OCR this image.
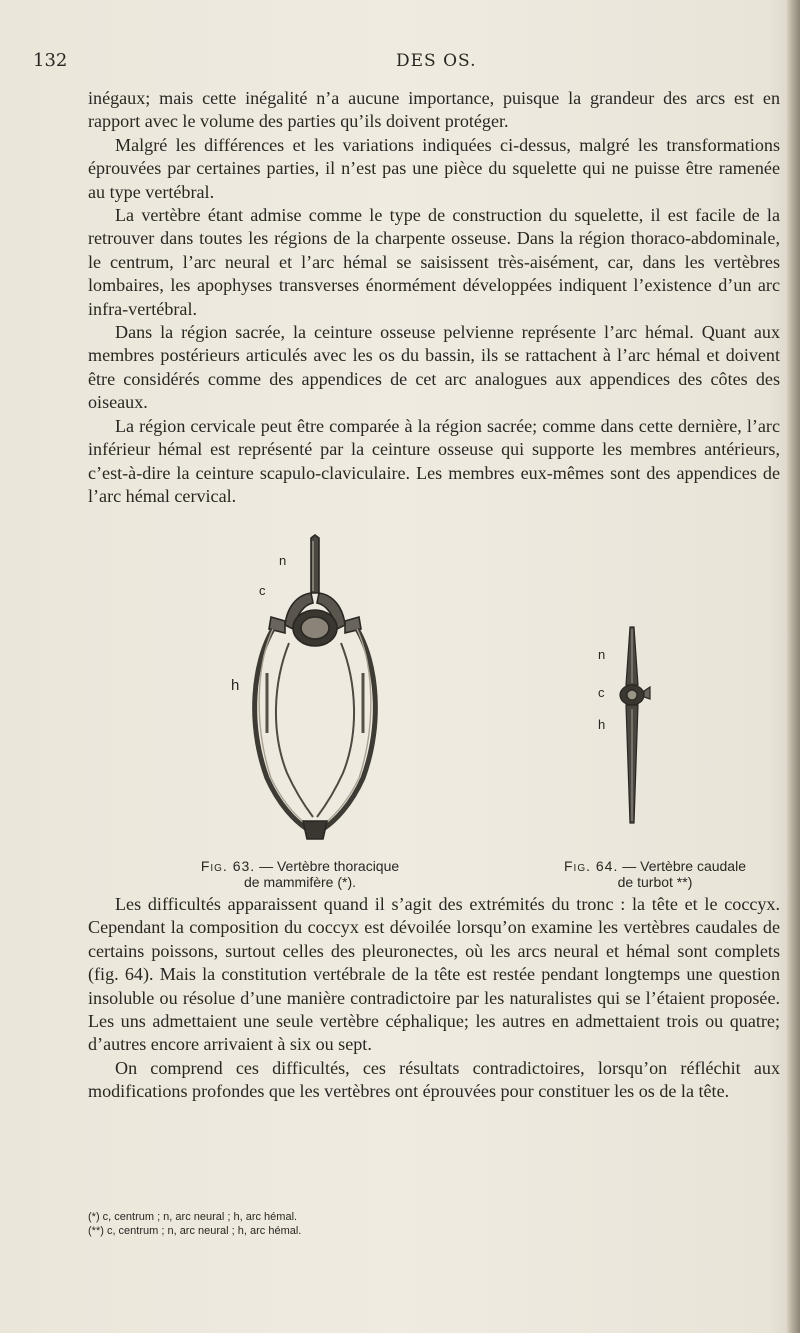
132	DES OS.

inégaux; mais cette inégalité n’a aucune importance, puisque la grandeur des arcs est en rapport avec le volume des parties qu’ils doivent protéger.

Malgré les différences et les variations indiquées ci-dessus, malgré les transformations éprouvées par certaines parties, il n’est pas une pièce du squelette qui ne puisse être ramenée au type vertébral.

La vertèbre étant admise comme le type de construction du squelette, il est facile de la retrouver dans toutes les régions de la charpente osseuse. Dans la région thoraco-abdominale, le centrum, l’arc neural et l’arc hémal se saisissent très-aisément, car, dans les vertèbres lombaires, les apophyses transverses énormément développées indiquent l’existence d’un arc infra-vertébral.

Dans la région sacrée, la ceinture osseuse pelvienne représente l’arc hémal. Quant aux membres postérieurs articulés avec les os du bassin, ils se rattachent à l’arc hémal et doivent être considérés comme des appendices de cet arc analogues aux appendices des côtes des oiseaux.

La région cervicale peut être comparée à la région sacrée; comme dans cette dernière, l’arc inférieur hémal est représenté par la ceinture osseuse qui supporte les membres antérieurs, c’est-à-dire la ceinture scapulo-claviculaire. Les membres eux-mêmes sont des appendices de l’arc hémal cervical.

n
c
h
Fig. 63. — Vertèbre thoracique
de mammifère (*).
n
c
h
Fig. 64. — Vertèbre caudale
de turbot **)

Les difficultés apparaissent quand il s’agit des extrémités du tronc : la tête et le coccyx. Cependant la composition du coccyx est dévoilée lorsqu’on examine les vertèbres caudales de certains poissons, surtout celles des pleuronectes, où les arcs neural et hémal sont complets (fig. 64). Mais la constitution vertébrale de la tête est restée pendant longtemps une question insoluble ou résolue d’une manière contradictoire par les naturalistes qui se l’étaient proposée. Les uns admettaient une seule vertèbre céphalique; les autres en admettaient trois ou quatre; d’autres encore arrivaient à six ou sept.

On comprend ces difficultés, ces résultats contradictoires, lorsqu’on réfléchit aux modifications profondes que les vertèbres ont éprouvées pour constituer les os de la tête.

(*) c, centrum ; n, arc neural ; h, arc hémal.
(**) c, centrum ; n, arc neural ; h, arc hémal.
